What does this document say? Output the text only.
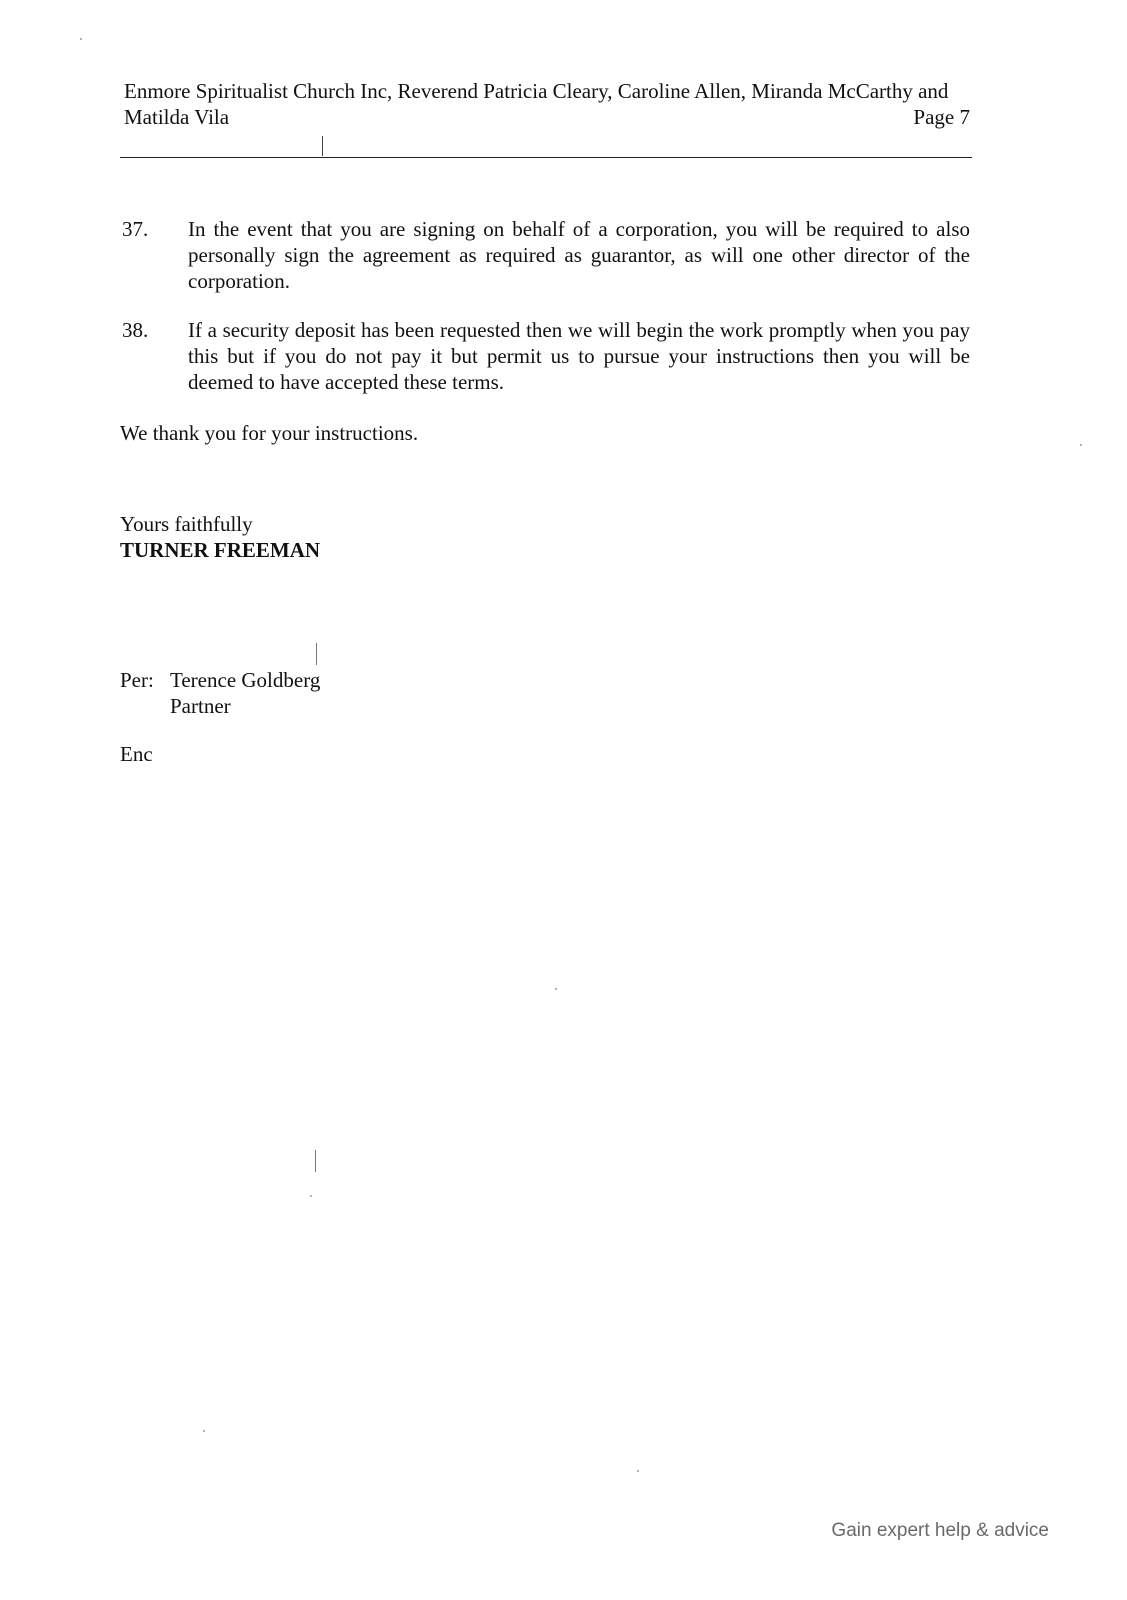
Enmore Spiritualist Church Inc, Reverend Patricia Cleary, Caroline Allen, Miranda McCarthy and
Matilda Vila	Page 7
37.	In the event that you are signing on behalf of a corporation, you will be required to also personally sign the agreement as required as guarantor, as will one other director of the corporation.
38.	If a security deposit has been requested then we will begin the work promptly when you pay this but if you do not pay it but permit us to pursue your instructions then you will be deemed to have accepted these terms.
We thank you for your instructions.
Yours faithfully
TURNER FREEMAN
Per: Terence Goldberg
Partner
Enc
Gain expert help & advice
